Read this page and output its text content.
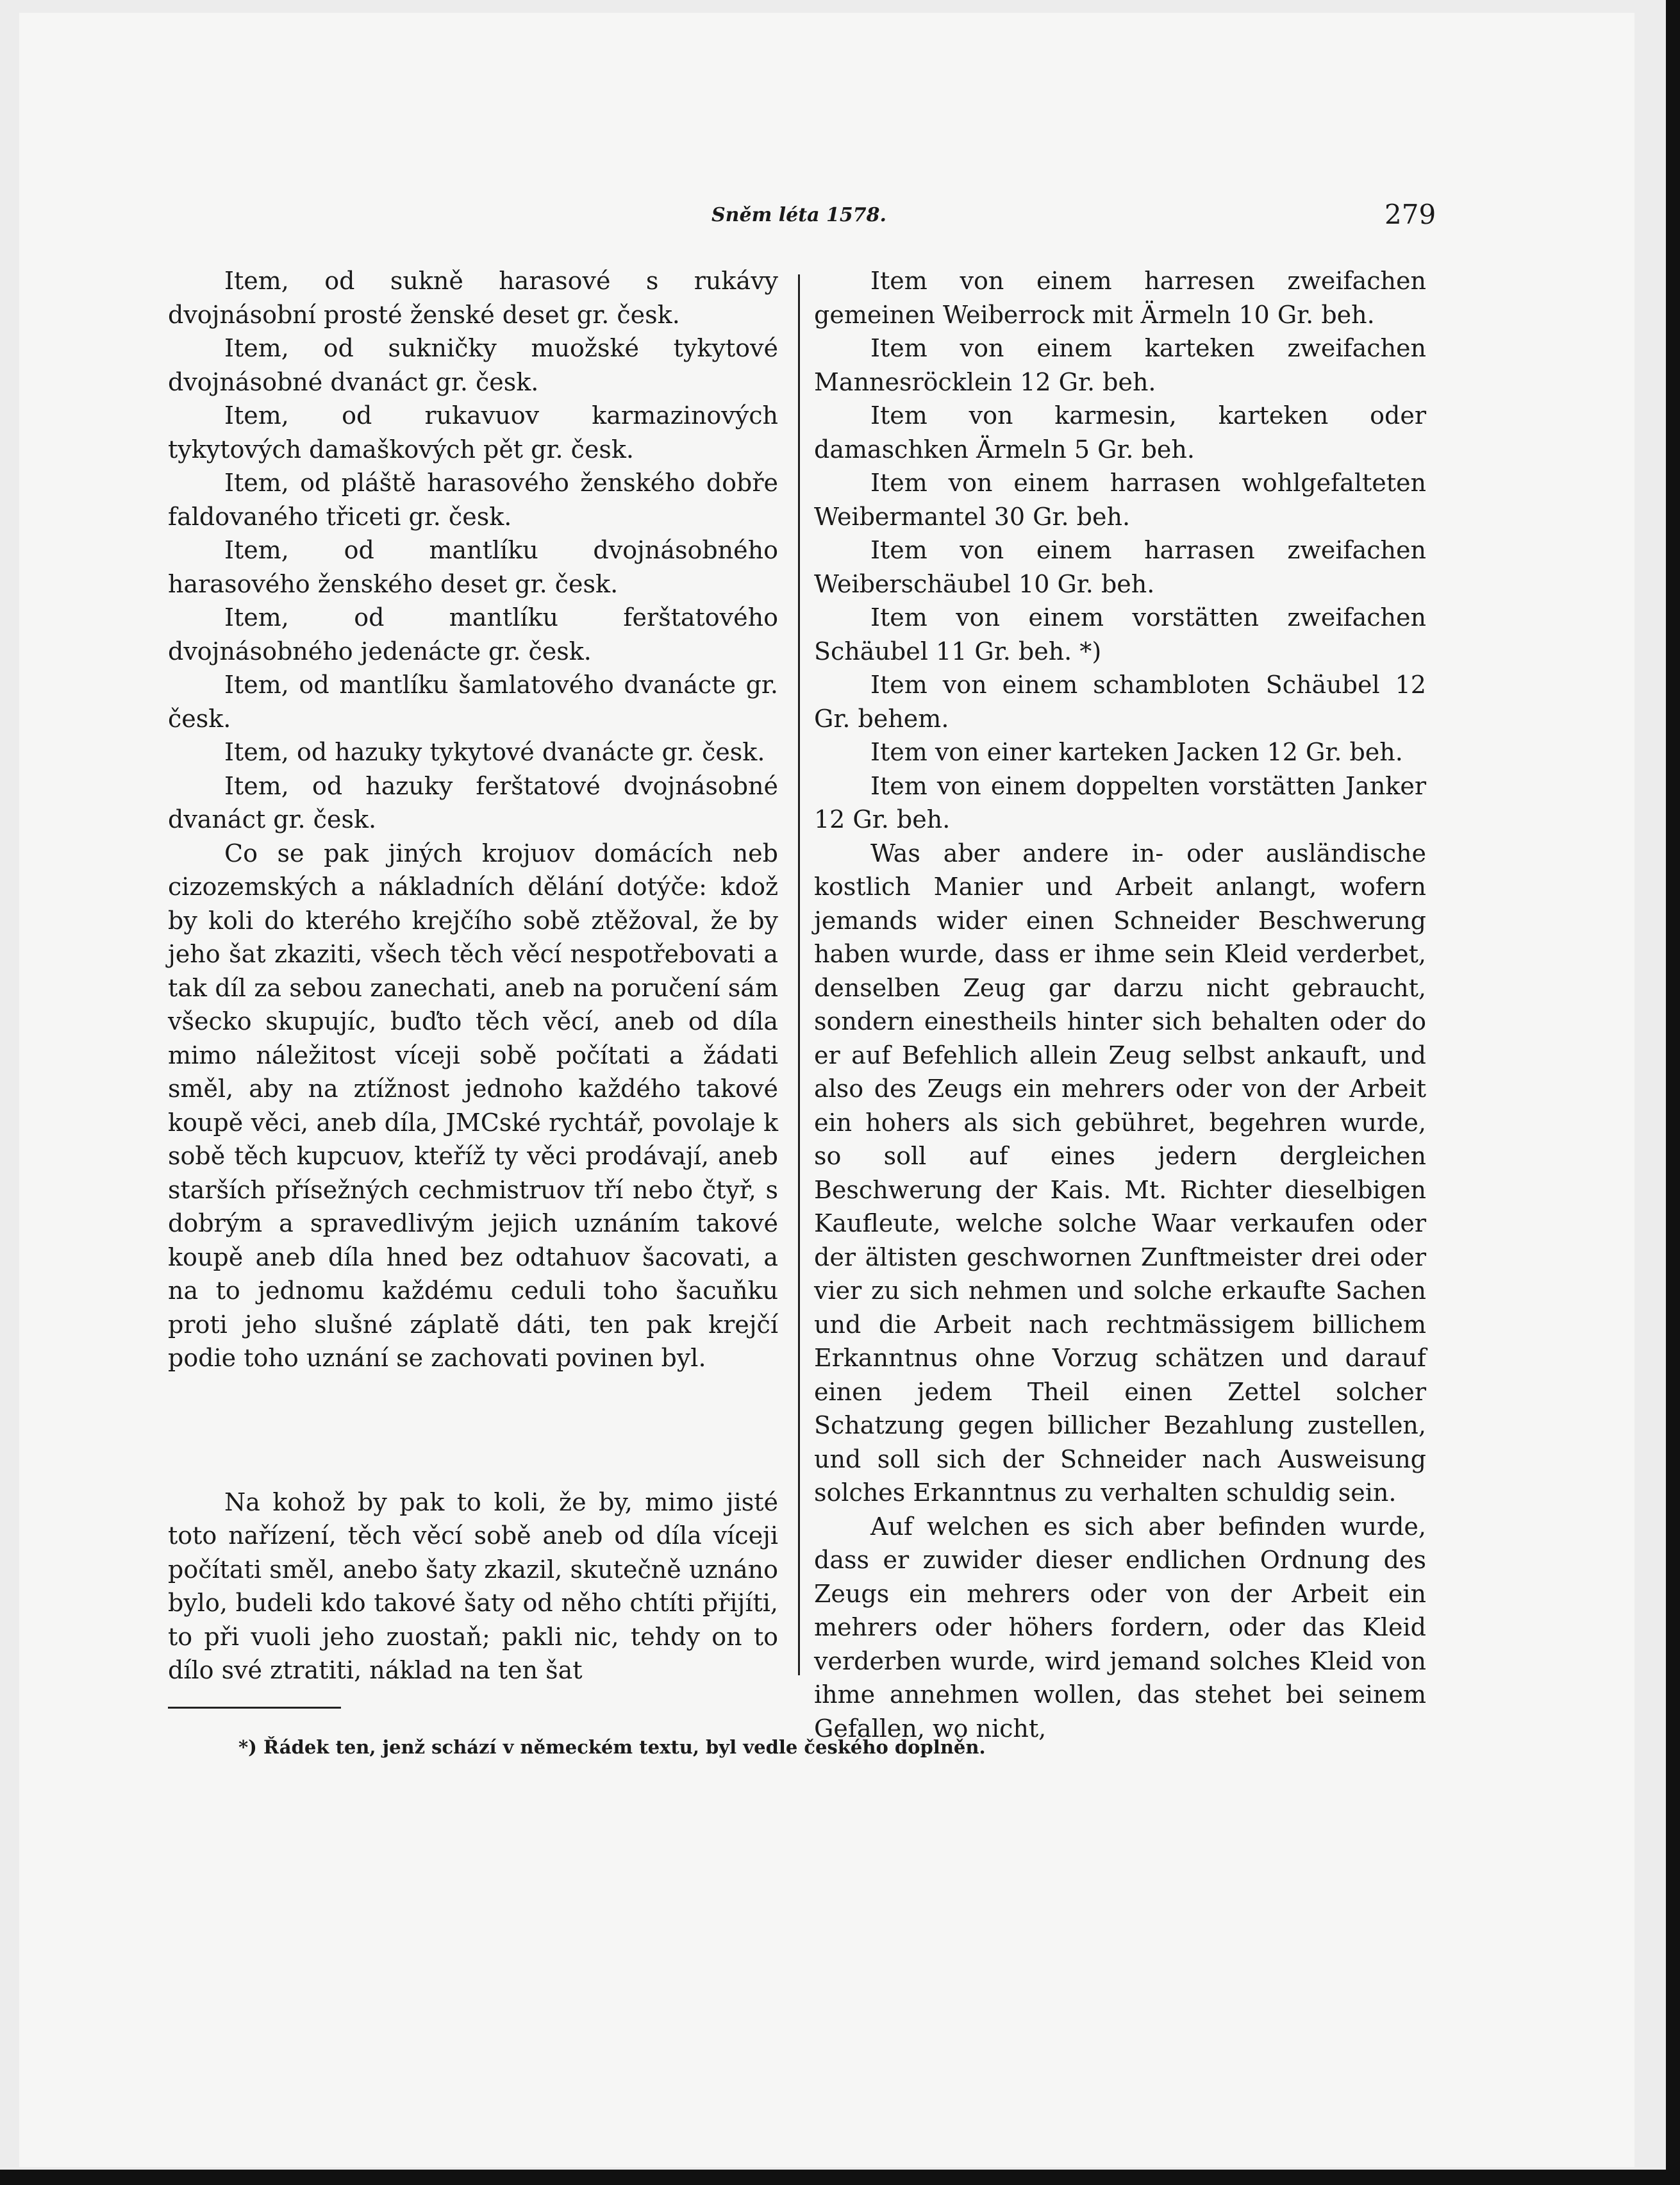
Sněm léta 1578.	279

Item, od sukně harasové s rukávy dvojnásobní prosté ženské deset gr. česk.

Item, od sukničky muožské tykytové dvojnásobné dvanáct gr. česk.

Item, od rukavuov karmazinových tykytových damaškových pět gr. česk.

Item, od pláště harasového ženského dobře faldovaného třiceti gr. česk.

Item, od mantlíku dvojnásobného harasového ženského deset gr. česk.

Item, od mantlíku ferštatového dvojnásobného jedenácte gr. česk.

Item, od mantlíku šamlatového dvanácte gr. česk.

Item, od hazuky tykytové dvanácte gr. česk.

Item, od hazuky ferštatové dvojnásobné dvanáct gr. česk.

Co se pak jiných krojuov domácích neb cizozemských a nákladních dělání dotýče: kdož by koli do kterého krejčího sobě ztěžoval, že by jeho šat zkaziti, všech těch věcí nespotřebovati a tak díl za sebou zanechati, aneb na poručení sám všecko skupujíc, buďto těch věcí, aneb od díla mimo náležitost víceji sobě počítati a žádati směl, aby na ztížnost jednoho každého takové koupě věci, aneb díla, JMCské rychtář, povolaje k sobě těch kupcuov, kteříž ty věci prodávají, aneb starších přísežných cechmistruov tří nebo čtyř, s dobrým a spravedlivým jejich uznáním takové koupě aneb díla hned bez odtahuov šacovati, a na to jednomu každému ceduli toho šacuňku proti jeho slušné záplatě dáti, ten pak krejčí podie toho uznání se zachovati povinen byl.

Na kohož by pak to koli, že by, mimo jisté toto nařízení, těch věcí sobě aneb od díla víceji počítati směl, anebo šaty zkazil, skutečně uznáno bylo, budeli kdo takové šaty od něho chtíti přijíti, to při vuoli jeho zuostaň; pakli nic, tehdy on to dílo své ztratiti, náklad na ten šat

Item von einem harresen zweifachen gemeinen Weiberrock mit Ärmeln 10 Gr. beh.

Item von einem karteken zweifachen Mannesröcklein 12 Gr. beh.

Item von karmesin, karteken oder damaschken Ärmeln 5 Gr. beh.

Item von einem harrasen wohlgefalteten Weibermantel 30 Gr. beh.

Item von einem harrasen zweifachen Weiberschäubel 10 Gr. beh.

Item von einem vorstätten zweifachen Schäubel 11 Gr. beh. *)

Item von einem schambloten Schäubel 12 Gr. behem.

Item von einer karteken Jacken 12 Gr. beh.

Item von einem doppelten vorstätten Janker 12 Gr. beh.

Was aber andere in- oder ausländische kostlich Manier und Arbeit anlangt, wofern jemands wider einen Schneider Beschwerung haben wurde, dass er ihme sein Kleid verderbet, denselben Zeug gar darzu nicht gebraucht, sondern einestheils hinter sich behalten oder do er auf Befehlich allein Zeug selbst ankauft, und also des Zeugs ein mehrers oder von der Arbeit ein hohers als sich gebühret, begehren wurde, so soll auf eines jedern dergleichen Beschwerung der Kais. Mt. Richter dieselbigen Kaufleute, welche solche Waar verkaufen oder der ältisten geschwornen Zunftmeister drei oder vier zu sich nehmen und solche erkaufte Sachen und die Arbeit nach rechtmässigem billichem Erkanntnus ohne Vorzug schätzen und darauf einen jedem Theil einen Zettel solcher Schatzung gegen billicher Bezahlung zustellen, und soll sich der Schneider nach Ausweisung solches Erkanntnus zu verhalten schuldig sein.

Auf welchen es sich aber befinden wurde, dass er zuwider dieser endlichen Ordnung des Zeugs ein mehrers oder von der Arbeit ein mehrers oder höhers fordern, oder das Kleid verderben wurde, wird jemand solches Kleid von ihme annehmen wollen, das stehet bei seinem Gefallen, wo nicht,

*) Řádek ten, jenž schází v německém textu, byl vedle českého doplněn.
